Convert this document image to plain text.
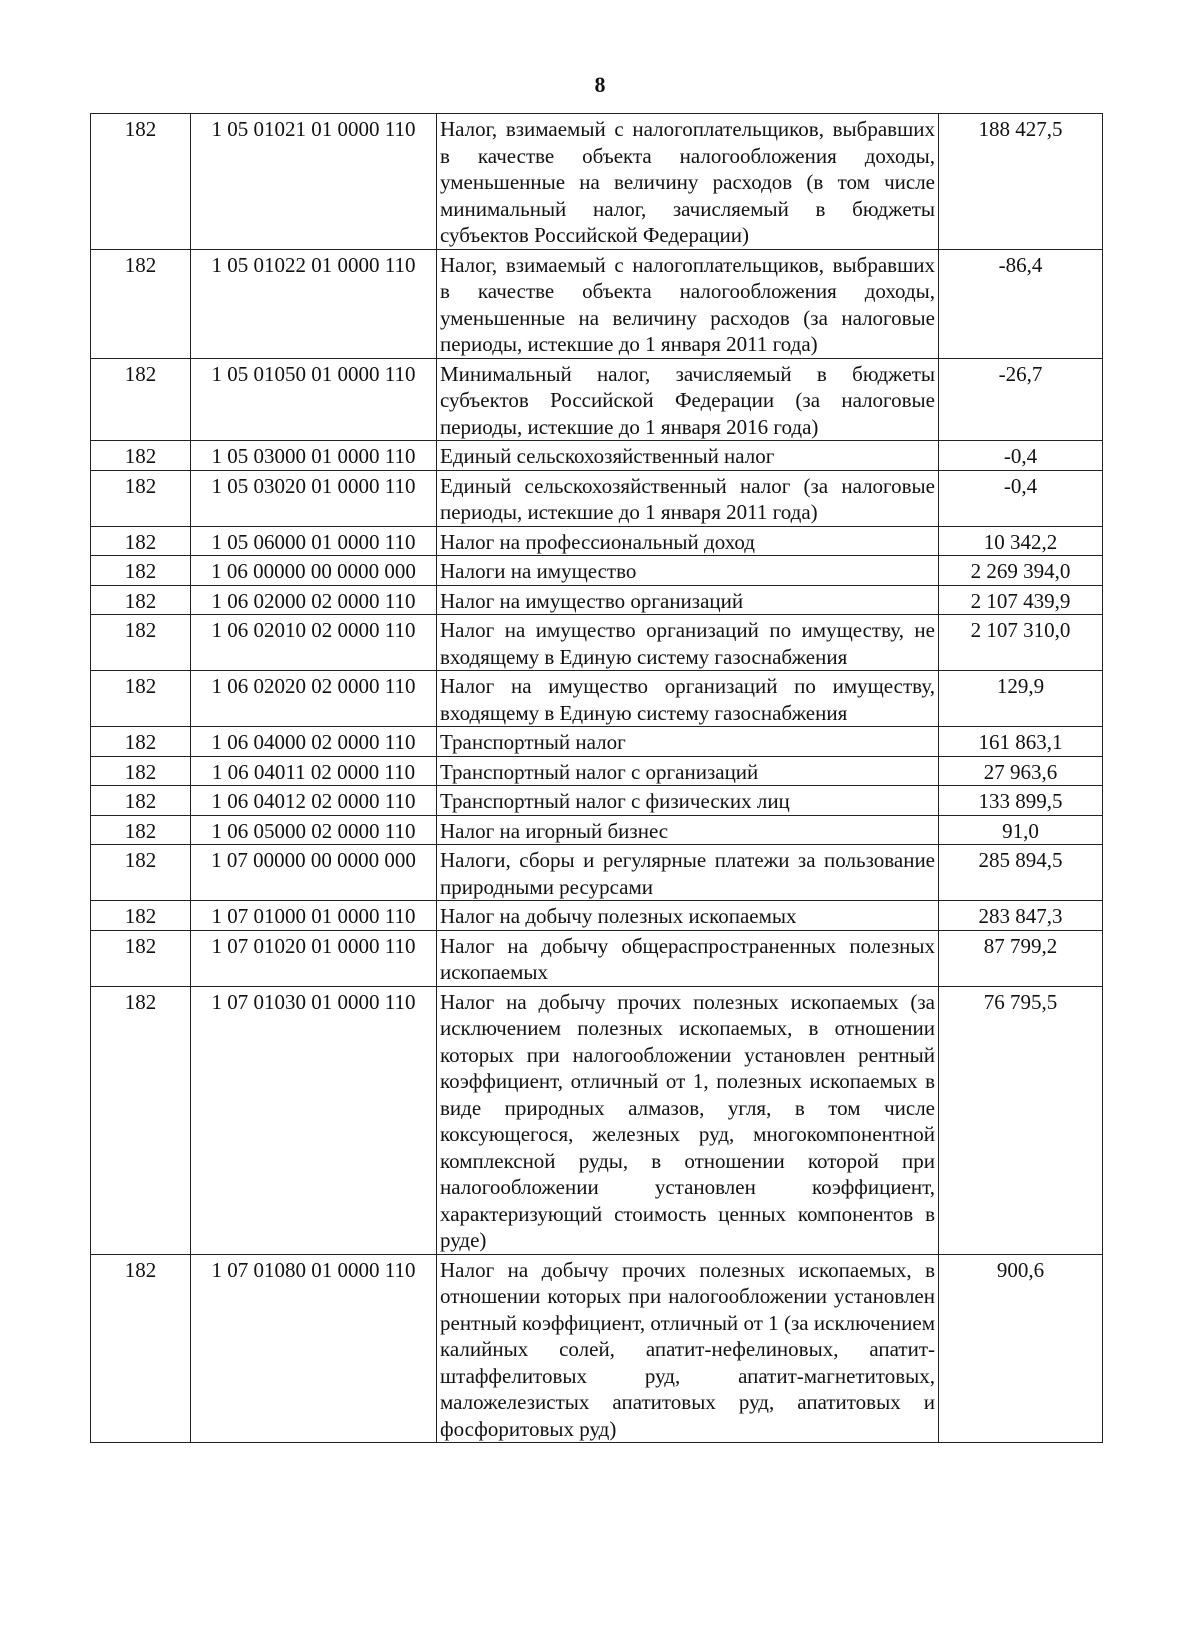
8
182	1 05 01021 01 0000 110	Налог, взимаемый с налогоплательщиков, выбравших в качестве объекта налогообложения доходы, уменьшенные на величину расходов (в том числе минимальный налог, зачисляемый в бюджеты субъектов Российской Федерации)	188 427,5
182	1 05 01022 01 0000 110	Налог, взимаемый с налогоплательщиков, выбравших в качестве объекта налогообложения доходы, уменьшенные на величину расходов (за налоговые периоды, истекшие до 1 января 2011 года)	-86,4
182	1 05 01050 01 0000 110	Минимальный налог, зачисляемый в бюджеты субъектов Российской Федерации (за налоговые периоды, истекшие до 1 января 2016 года)	-26,7
182	1 05 03000 01 0000 110	Единый сельскохозяйственный налог	-0,4
182	1 05 03020 01 0000 110	Единый сельскохозяйственный налог (за налоговые периоды, истекшие до 1 января 2011 года)	-0,4
182	1 05 06000 01 0000 110	Налог на профессиональный доход	10 342,2
182	1 06 00000 00 0000 000	Налоги на имущество	2 269 394,0
182	1 06 02000 02 0000 110	Налог на имущество организаций	2 107 439,9
182	1 06 02010 02 0000 110	Налог на имущество организаций по имуществу, не входящему в Единую систему газоснабжения	2 107 310,0
182	1 06 02020 02 0000 110	Налог на имущество организаций по имуществу, входящему в Единую систему газоснабжения	129,9
182	1 06 04000 02 0000 110	Транспортный налог	161 863,1
182	1 06 04011 02 0000 110	Транспортный налог с организаций	27 963,6
182	1 06 04012 02 0000 110	Транспортный налог с физических лиц	133 899,5
182	1 06 05000 02 0000 110	Налог на игорный бизнес	91,0
182	1 07 00000 00 0000 000	Налоги, сборы и регулярные платежи за пользование природными ресурсами	285 894,5
182	1 07 01000 01 0000 110	Налог на добычу полезных ископаемых	283 847,3
182	1 07 01020 01 0000 110	Налог на добычу общераспространенных полезных ископаемых	87 799,2
182	1 07 01030 01 0000 110	Налог на добычу прочих полезных ископаемых (за исключением полезных ископаемых, в отношении которых при налогообложении установлен рентный коэффициент, отличный от 1, полезных ископаемых в виде природных алмазов, угля, в том числе коксующегося, железных руд, многокомпонентной комплексной руды, в отношении которой при налогообложении установлен коэффициент, характеризующий стоимость ценных компонентов в руде)	76 795,5
182	1 07 01080 01 0000 110	Налог на добычу прочих полезных ископаемых, в отношении которых при налогообложении установлен рентный коэффициент, отличный от 1 (за исключением калийных солей, апатит-нефелиновых, апатит-штаффелитовых руд, апатит-магнетитовых, маложелезистых апатитовых руд, апатитовых и фосфоритовых руд)	900,6
